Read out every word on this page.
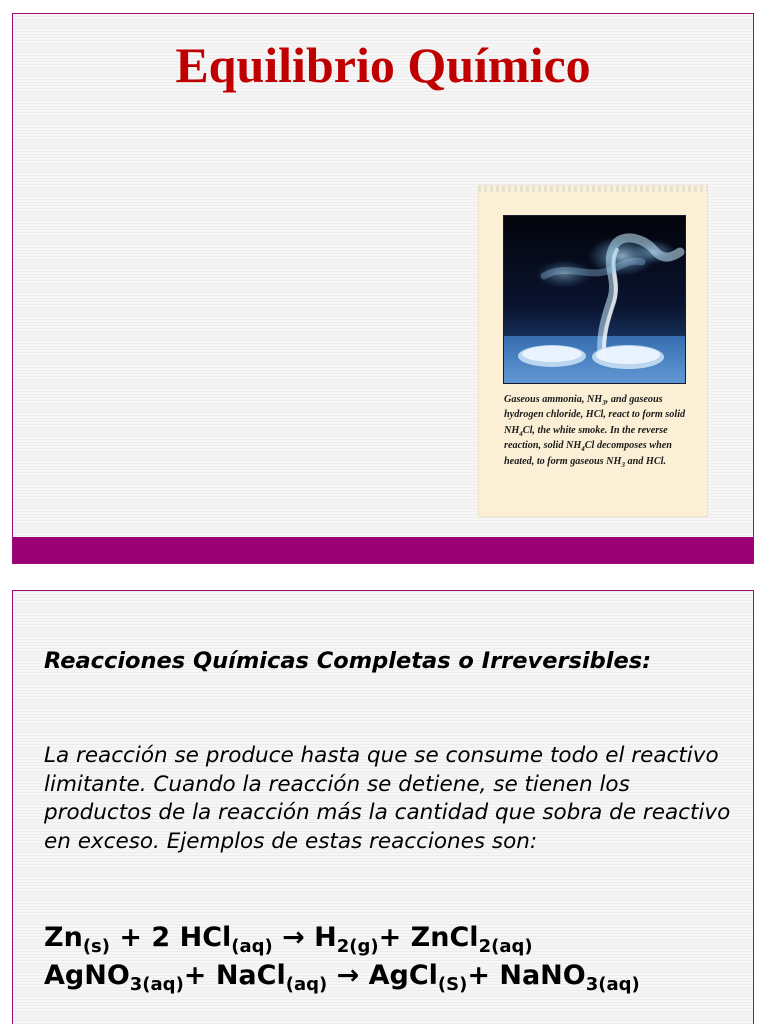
Equilibrio Químico

Gaseous ammonia, $NH_3$, and gaseous hydrogen chloride, HCl, react to form solid $NH_4Cl$, the white smoke. In the reverse reaction, solid $NH_4Cl$ decomposes when heated, to form gaseous $NH_3$ and HCl.

Reacciones Químicas Completas o Irreversibles:

La reacción se produce hasta que se consume todo el reactivo limitante. Cuando la reacción se detiene, se tienen los productos de la reacción más la cantidad que sobra de reactivo en exceso. Ejemplos de estas reacciones son:

$Zn_{(s)} + 2$ $HCl_{(aq)} \to H_{2(g)}+$ ZnCl$_{2(aq)}$

AgNO$_{3(aq)}$+ NaCl$_{(aq)}$ → AgCl$_{(S)}$+ NaNO$_{3(aq)}$
